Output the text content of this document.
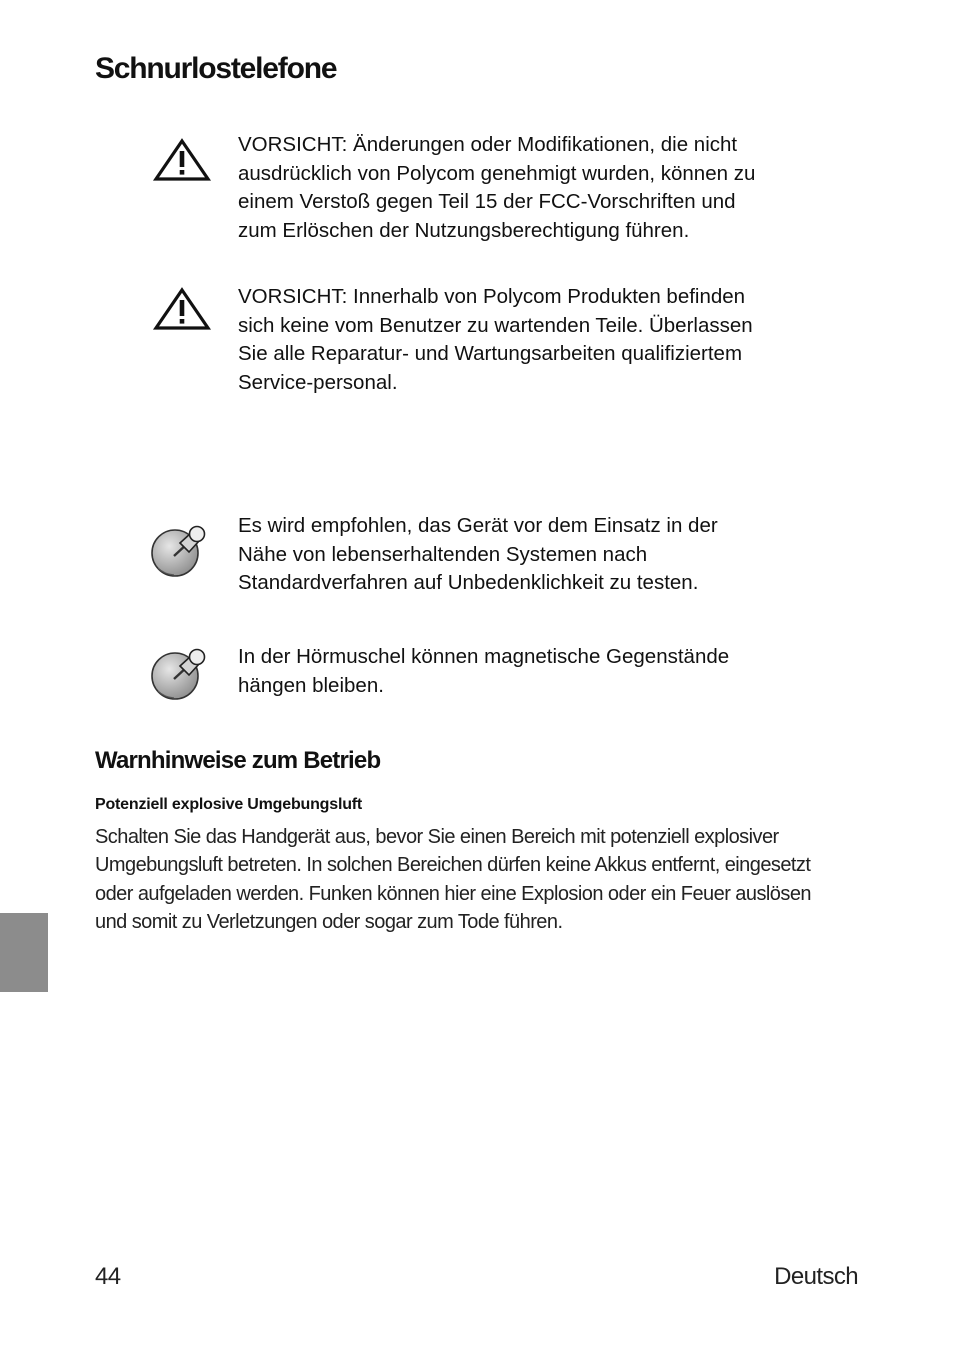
Schnurlostelefone
VORSICHT: Änderungen oder Modifikationen, die nicht
ausdrücklich von Polycom genehmigt wurden, können zu
einem Verstoß gegen Teil 15 der FCC-Vorschriften und
zum Erlöschen der Nutzungsberechtigung führen.
VORSICHT: Innerhalb von Polycom Produkten befinden
sich keine vom Benutzer zu wartenden Teile. Überlassen
Sie alle Reparatur- und Wartungsarbeiten qualifiziertem
Service-personal.
Es wird empfohlen, das Gerät vor dem Einsatz in der
Nähe von lebenserhaltenden Systemen nach
Standardverfahren auf Unbedenklichkeit zu testen.
In der Hörmuschel können magnetische Gegenstände
hängen bleiben.
Warnhinweise zum Betrieb
Potenziell explosive Umgebungsluft
Schalten Sie das Handgerät aus, bevor Sie einen Bereich mit potenziell explosiver
Umgebungsluft betreten. In solchen Bereichen dürfen keine Akkus entfernt, eingesetzt
oder aufgeladen werden. Funken können hier eine Explosion oder ein Feuer auslösen
und somit zu Verletzungen oder sogar zum Tode führen.
44	Deutsch
